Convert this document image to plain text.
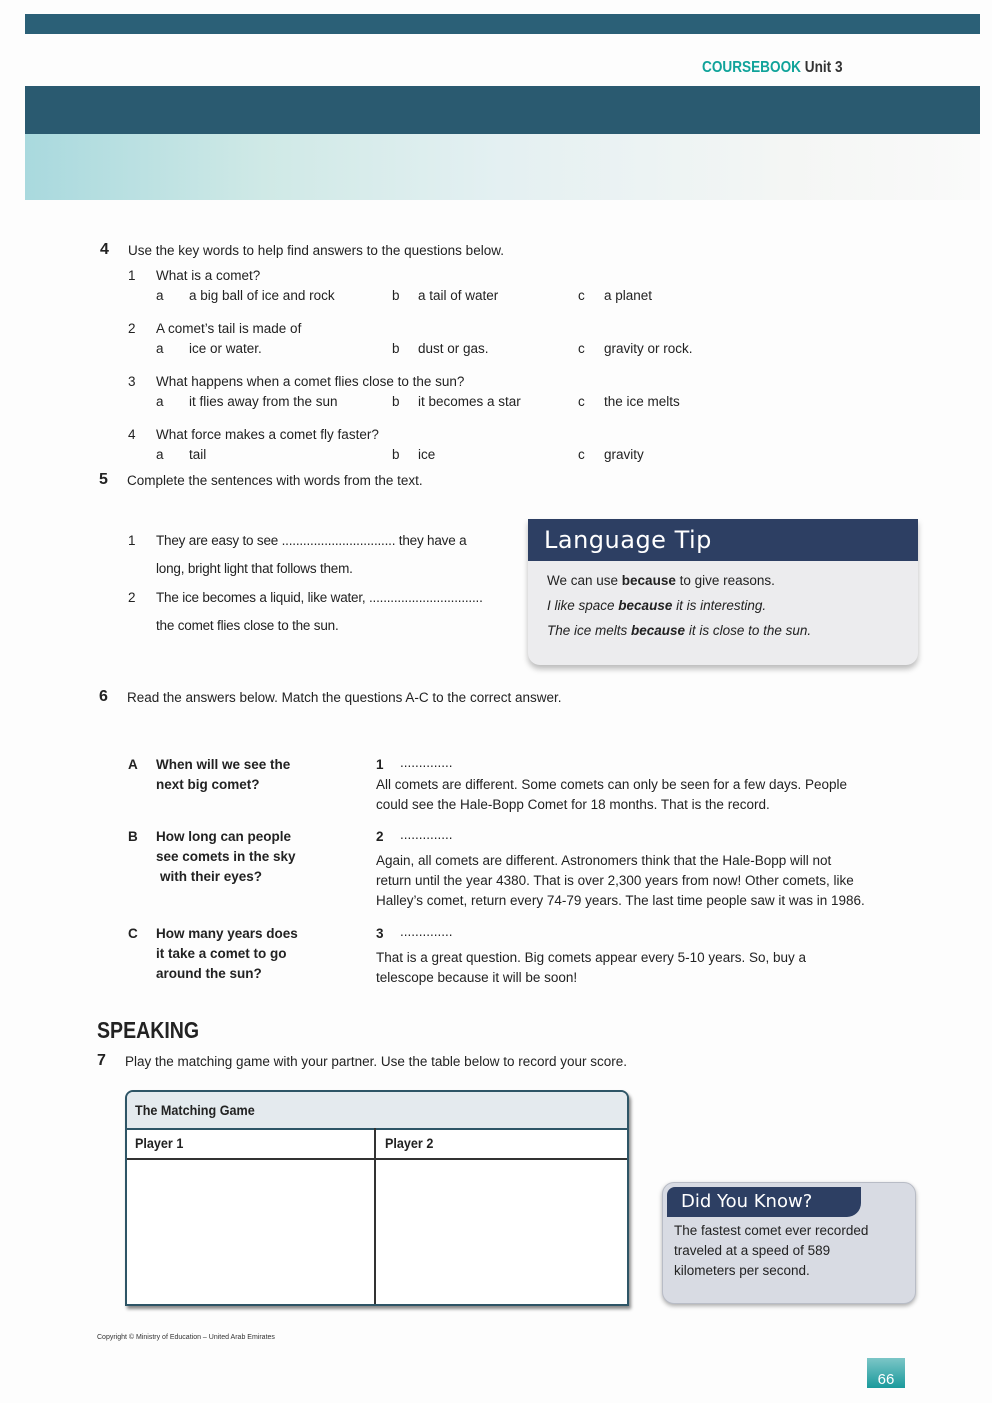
COURSEBOOK Unit 3
4 Use the key words to help find answers to the questions below.
1 What is a comet?
a a big ball of ice and rock	b a tail of water	c a planet
2 A comet’s tail is made of
a ice or water.	b dust or gas.	c gravity or rock.
3 What happens when a comet flies close to the sun?
a it flies away from the sun	b it becomes a star	c the ice melts
4 What force makes a comet fly faster?
a tail	b ice	c gravity
5 Complete the sentences with words from the text.
1 They are easy to see ................................ they have a
long, bright light that follows them.
2 The ice becomes a liquid, like water, ................................
the comet flies close to the sun.
Language Tip
We can use because to give reasons.
I like space because it is interesting.
The ice melts because it is close to the sun.
6 Read the answers below. Match the questions A-C to the correct answer.
A When will we see the
next big comet?
B How long can people
see comets in the sky
with their eyes?
C How many years does
it take a comet to go
around the sun?
1 ..............
All comets are different. Some comets can only be seen for a few days. People
could see the Hale-Bopp Comet for 18 months. That is the record.
2 ..............
Again, all comets are different. Astronomers think that the Hale-Bopp will not
return until the year 4380. That is over 2,300 years from now! Other comets, like
Halley’s comet, return every 74-79 years. The last time people saw it was in 1986.
3 ..............
That is a great question. Big comets appear every 5-10 years. So, buy a
telescope because it will be soon!
SPEAKING
7 Play the matching game with your partner. Use the table below to record your score.
The Matching Game
Player 1	Player 2
Did You Know?
The fastest comet ever recorded
traveled at a speed of 589
kilometers per second.
Copyright © Ministry of Education – United Arab Emirates
66
